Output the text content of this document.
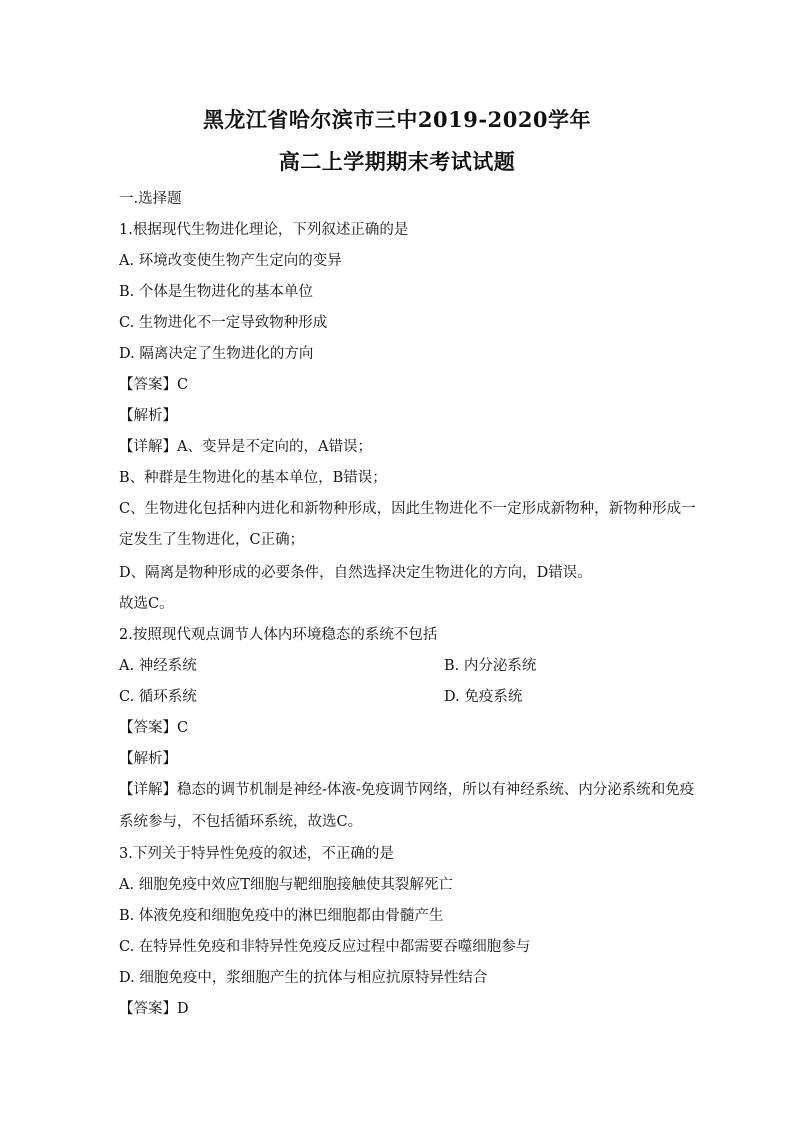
黑龙江省哈尔滨市三中2019-2020学年
高二上学期期末考试试题
一.选择题
1.根据现代生物进化理论，下列叙述正确的是
A. 环境改变使生物产生定向的变异
B. 个体是生物进化的基本单位
C. 生物进化不一定导致物种形成
D. 隔离决定了生物进化的方向
【答案】C
【解析】
【详解】A、变异是不定向的，A错误；
B、种群是生物进化的基本单位，B错误；
C、生物进化包括种内进化和新物种形成，因此生物进化不一定形成新物种，新物种形成一
定发生了生物进化，C正确；
D、隔离是物种形成的必要条件，自然选择决定生物进化的方向，D错误。
故选C。
2.按照现代观点调节人体内环境稳态的系统不包括
A. 神经系统	B. 内分泌系统
C. 循环系统	D. 免疫系统
【答案】C
【解析】
【详解】稳态的调节机制是神经-体液-免疫调节网络，所以有神经系统、内分泌系统和免疫
系统参与，不包括循环系统，故选C。
3.下列关于特异性免疫的叙述，不正确的是
A. 细胞免疫中效应T细胞与靶细胞接触使其裂解死亡
B. 体液免疫和细胞免疫中的淋巴细胞都由骨髓产生
C. 在特异性免疫和非特异性免疫反应过程中都需要吞噬细胞参与
D. 细胞免疫中，浆细胞产生的抗体与相应抗原特异性结合
【答案】D
